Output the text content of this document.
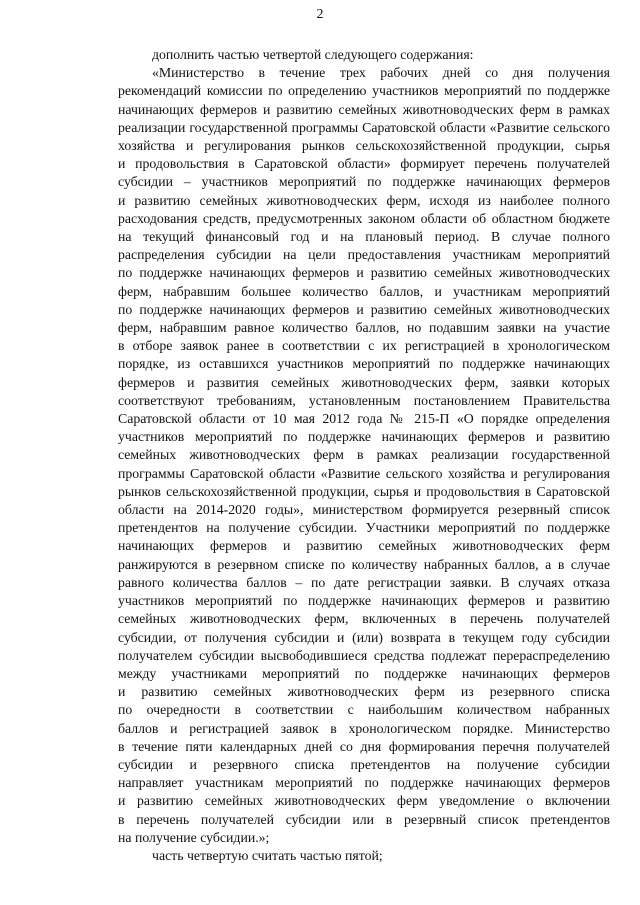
2
дополнить частью четвертой следующего содержания:
«Министерство в течение трех рабочих дней со дня получения
рекомендаций комиссии по определению участников мероприятий по поддержке
начинающих фермеров и развитию семейных животноводческих ферм в рамках
реализации государственной программы Саратовской области «Развитие сельского
хозяйства и регулирования рынков сельскохозяйственной продукции, сырья
и продовольствия в Саратовской области» формирует перечень получателей
субсидии – участников мероприятий по поддержке начинающих фермеров
и развитию семейных животноводческих ферм, исходя из наиболее полного
расходования средств, предусмотренных законом области об областном бюджете
на текущий финансовый год и на плановый период. В случае полного
распределения субсидии на цели предоставления участникам мероприятий
по поддержке начинающих фермеров и развитию семейных животноводческих
ферм, набравшим большее количество баллов, и участникам мероприятий
по поддержке начинающих фермеров и развитию семейных животноводческих
ферм, набравшим равное количество баллов, но подавшим заявки на участие
в отборе заявок ранее в соответствии с их регистрацией в хронологическом
порядке, из оставшихся участников мероприятий по поддержке начинающих
фермеров и развития семейных животноводческих ферм, заявки которых
соответствуют требованиям, установленным постановлением Правительства
Саратовской области от 10 мая 2012 года № 215-П «О порядке определения
участников мероприятий по поддержке начинающих фермеров и развитию
семейных животноводческих ферм в рамках реализации государственной
программы Саратовской области «Развитие сельского хозяйства и регулирования
рынков сельскохозяйственной продукции, сырья и продовольствия в Саратовской
области на 2014-2020 годы», министерством формируется резервный список
претендентов на получение субсидии. Участники мероприятий по поддержке
начинающих фермеров и развитию семейных животноводческих ферм
ранжируются в резервном списке по количеству набранных баллов, а в случае
равного количества баллов – по дате регистрации заявки. В случаях отказа
участников мероприятий по поддержке начинающих фермеров и развитию
семейных животноводческих ферм, включенных в перечень получателей
субсидии, от получения субсидии и (или) возврата в текущем году субсидии
получателем субсидии высвободившиеся средства подлежат перераспределению
между участниками мероприятий по поддержке начинающих фермеров
и развитию семейных животноводческих ферм из резервного списка
по очередности в соответствии с наибольшим количеством набранных
баллов и регистрацией заявок в хронологическом порядке. Министерство
в течение пяти календарных дней со дня формирования перечня получателей
субсидии и резервного списка претендентов на получение субсидии
направляет участникам мероприятий по поддержке начинающих фермеров
и развитию семейных животноводческих ферм уведомление о включении
в перечень получателей субсидии или в резервный список претендентов
на получение субсидии.»;
часть четвертую считать частью пятой;
